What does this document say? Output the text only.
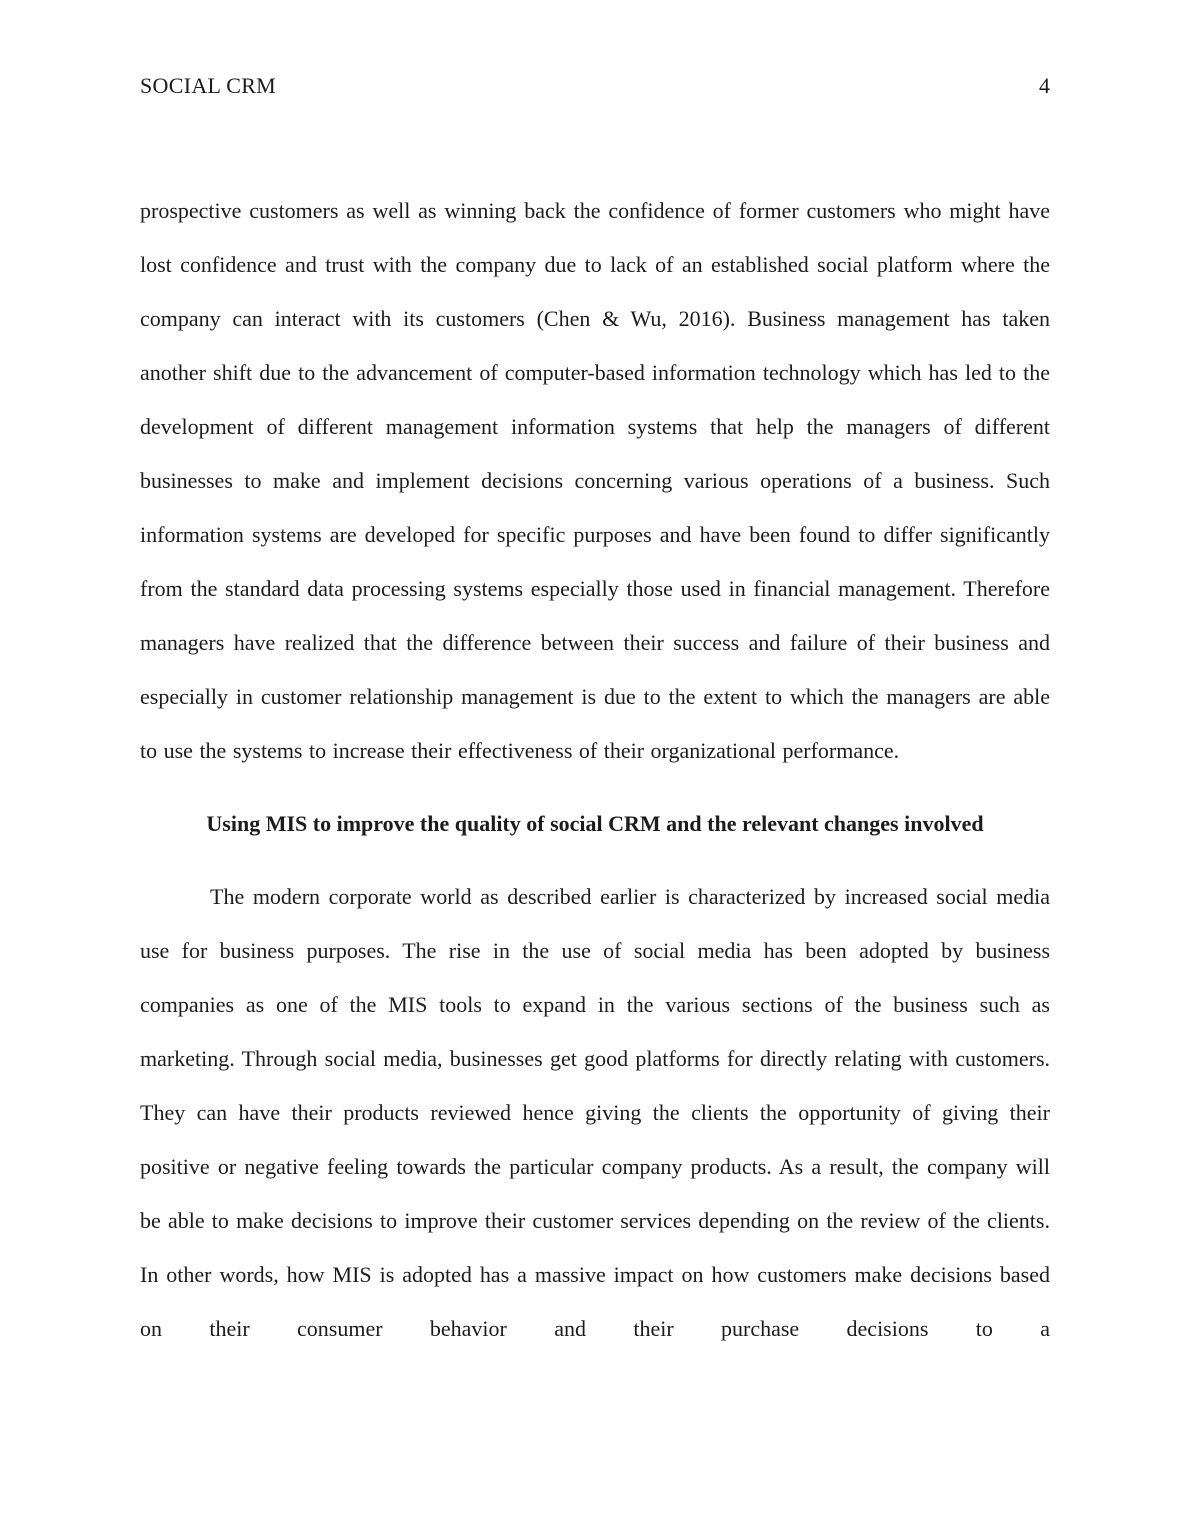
SOCIAL CRM	4

prospective customers as well as winning back the confidence of former customers who might have lost confidence and trust with the company due to lack of an established social platform where the company can interact with its customers (Chen & Wu, 2016). Business management has taken another shift due to the advancement of computer-based information technology which has led to the development of different management information systems that help the managers of different businesses to make and implement decisions concerning various operations of a business. Such information systems are developed for specific purposes and have been found to differ significantly from the standard data processing systems especially those used in financial management. Therefore managers have realized that the difference between their success and failure of their business and especially in customer relationship management is due to the extent to which the managers are able to use the systems to increase their effectiveness of their organizational performance.

Using MIS to improve the quality of social CRM and the relevant changes involved

The modern corporate world as described earlier is characterized by increased social media use for business purposes. The rise in the use of social media has been adopted by business companies as one of the MIS tools to expand in the various sections of the business such as marketing. Through social media, businesses get good platforms for directly relating with customers. They can have their products reviewed hence giving the clients the opportunity of giving their positive or negative feeling towards the particular company products. As a result, the company will be able to make decisions to improve their customer services depending on the review of the clients. In other words, how MIS is adopted has a massive impact on how customers make decisions based on their consumer behavior and their purchase decisions to a
